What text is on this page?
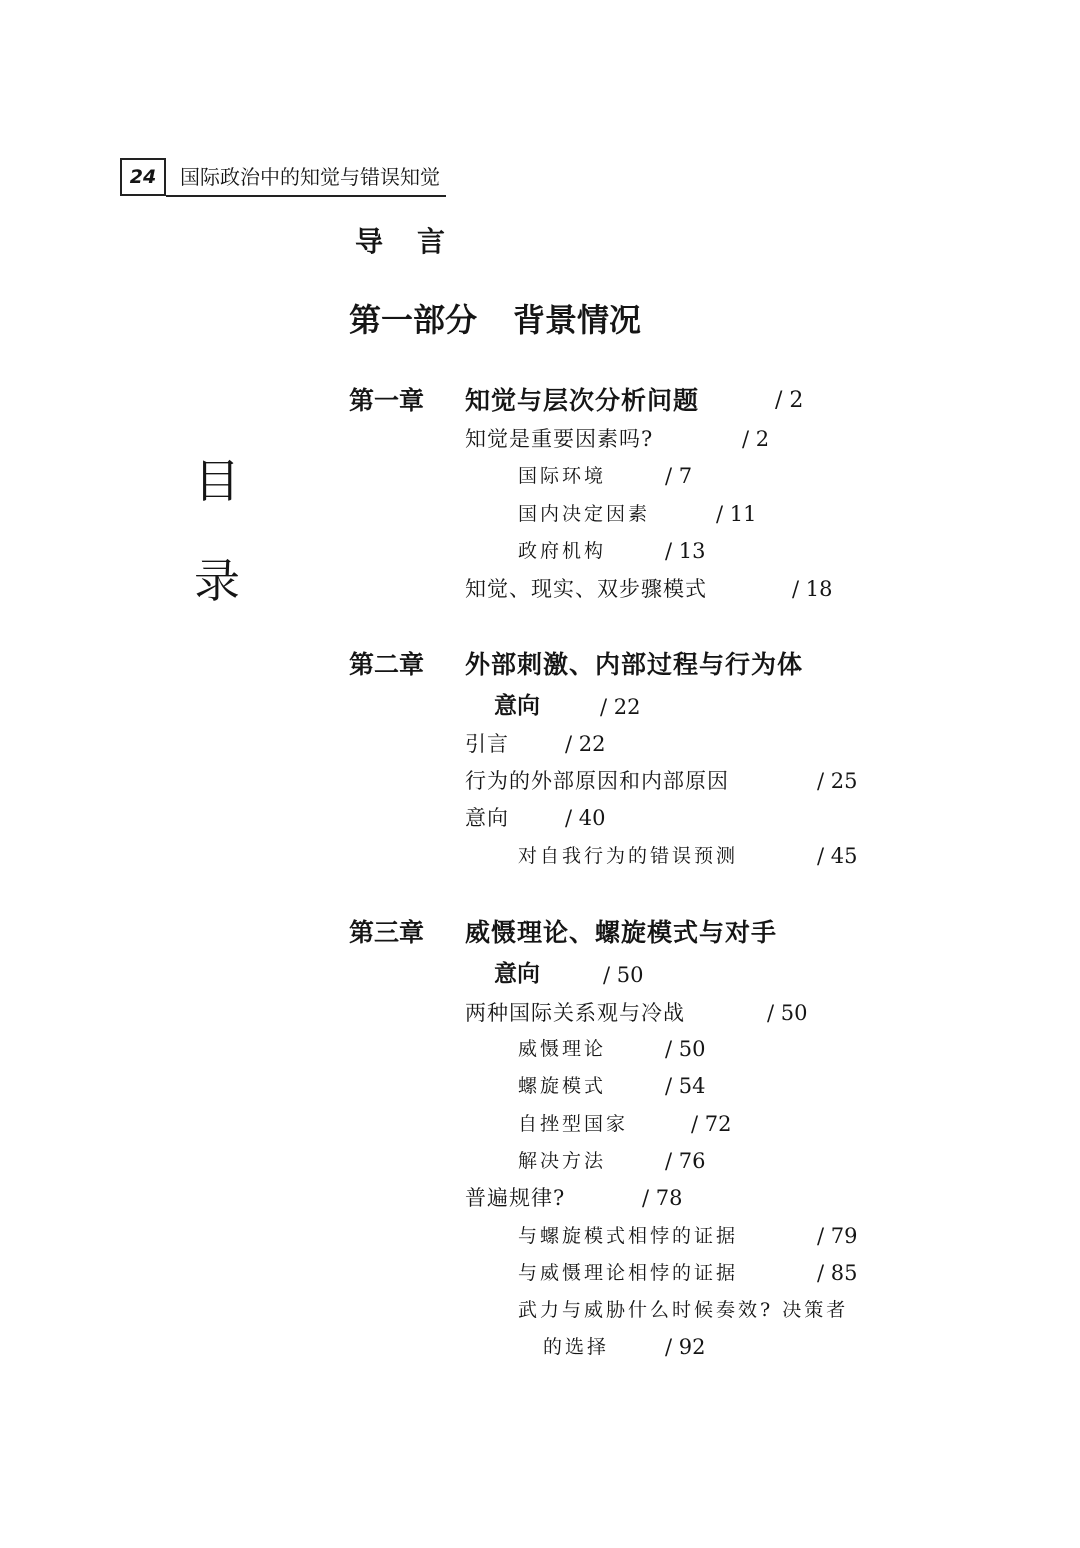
24	国际政治中的知觉与错误知觉
目
录
导言
第一部分 背景情况
第一章 知觉与层次分析问题	/ 2
知觉是重要因素吗?	/ 2
国际环境	/ 7
国内决定因素	/ 11
政府机构	/ 13
知觉、现实、双步骤模式	/ 18
第二章 外部刺激、内部过程与行为体
意向	/ 22
引言	/ 22
行为的外部原因和内部原因	/ 25
意向	/ 40
对自我行为的错误预测	/ 45
第三章 威慑理论、螺旋模式与对手
意向	/ 50
两种国际关系观与冷战	/ 50
威慑理论	/ 50
螺旋模式	/ 54
自挫型国家	/ 72
解决方法	/ 76
普遍规律?	/ 78
与螺旋模式相悖的证据	/ 79
与威慑理论相悖的证据	/ 85
武力与威胁什么时候奏效? 决策者
的选择	/ 92
